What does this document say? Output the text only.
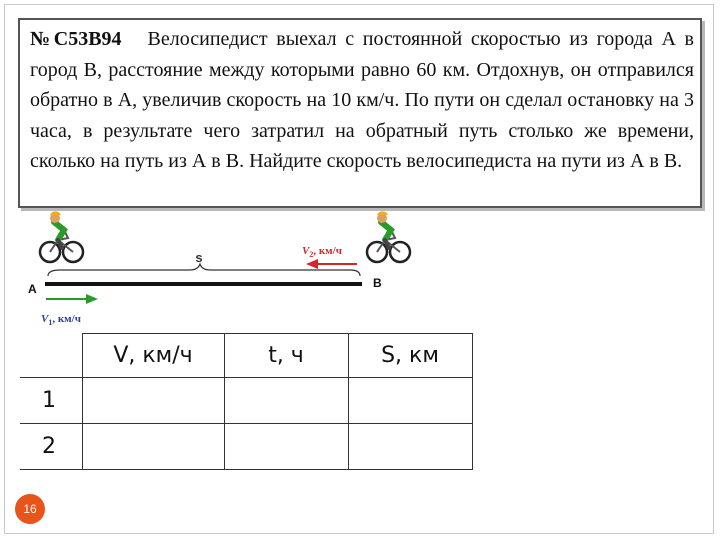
№С53В94 Велосипедист выехал с постоянной скоростью из города А в город В, расстояние между которыми равно 60 км. Отдохнув, он отправился обратно в А, увеличив скорость на 10 км/ч. По пути он сделал остановку на 3 часа, в результате чего затратил на обратный путь столько же времени, сколько на путь из А в В. Найдите скорость велосипедиста на пути из А в В.
s
A	B
$V_2$, км/ч
$V_1$, км/ч
	V, км/ч	t, ч	S, км
1			
2			
16
